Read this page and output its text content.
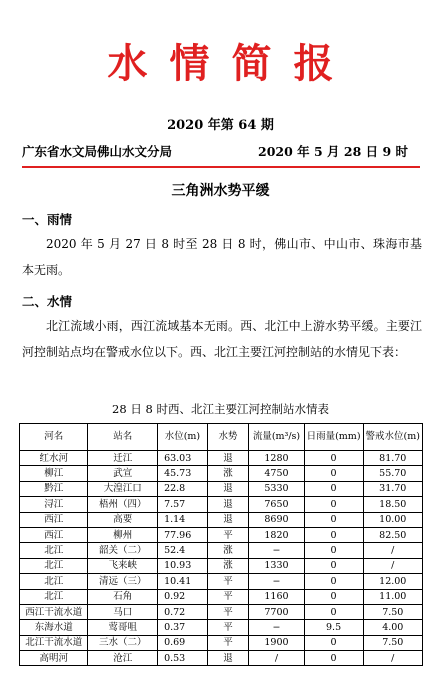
水情简报
2020 年第 64 期
广东省水文局佛山水文分局	2020 年 5 月 28 日 9 时
三角洲水势平缓
一、雨情
2020 年 5 月 27 日 8 时至 28 日 8 时，佛山市、中山市、珠海市基本无雨。
二、水情
北江流域小雨，西江流域基本无雨。西、北江中上游水势平缓。主要江河控制站点均在警戒水位以下。西、北江主要江河控制站的水情见下表：
28 日 8 时西、北江主要江河控制站水情表
河名	站名	水位(m)	水势	流量(m³/s)	日雨量(mm)	警戒水位(m)
红水河	迁江	63.03	退	1280	0	81.70
柳江	武宣	45.73	涨	4750	0	55.70
黔江	大湟江口	22.8	退	5330	0	31.70
浔江	梧州（四）	7.57	退	7650	0	18.50
西江	高要	1.14	退	8690	0	10.00
西江	柳州	77.96	平	1820	0	82.50
北江	韶关（二）	52.4	涨	−	0	/
北江	飞来峡	10.93	涨	1330	0	/
北江	清远（三）	10.41	平	−	0	12.00
北江	石角	0.92	平	1160	0	11.00
西江干流水道	马口	0.72	平	7700	0	7.50
东海水道	莺哥咀	0.37	平	−	9.5	4.00
北江干流水道	三水（二）	0.69	平	1900	0	7.50
高明河	沧江	0.53	退	/	0	/
